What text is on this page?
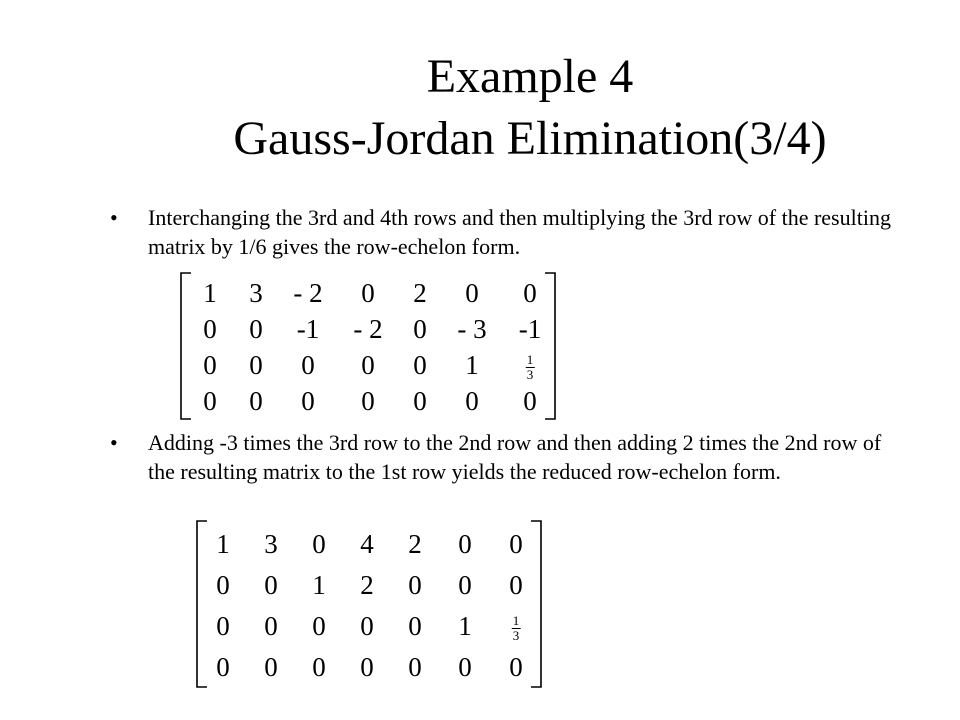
Example 4
Gauss-Jordan Elimination(3/4)
• Interchanging the 3rd and 4th rows and then multiplying the 3rd row of the resulting matrix by 1/6 gives the row-echelon form.
1 3 - 2 0 2 0 0
0 0 -1 - 2 0 - 3 -1
0 0 0 0 0 1	$\frac{1}{3}$
0 0 0 0 0 0 0
• Adding -3 times the 3rd row to the 2nd row and then adding 2 times the 2nd row of the resulting matrix to the 1st row yields the reduced row-echelon form.
1 3 0 4 2 0 0
0 0 1 2 0 0 0
0 0 0 0 0 1	$\frac{1}{3}$
0 0 0 0 0 0 0
